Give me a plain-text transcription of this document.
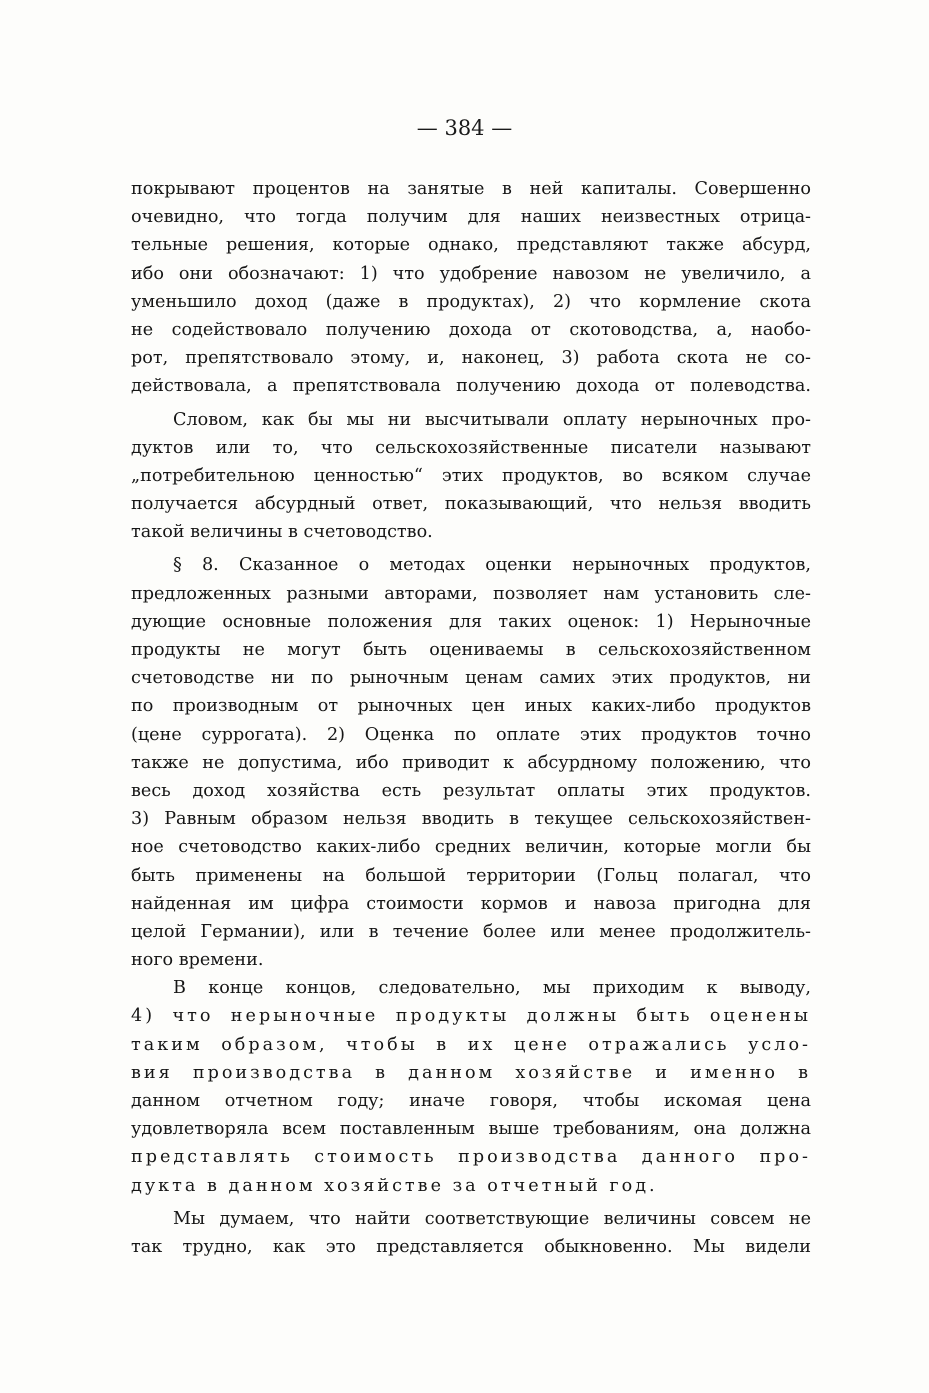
— 384 —
покрывают процентов на занятые в ней капиталы. Совершенно
очевидно, что тогда получим для наших неизвестных отрица-
тельные решения, которые однако, представляют также абсурд,
ибо они обозначают: 1) что удобрение навозом не увеличило, а
уменьшило доход (даже в продуктах), 2) что кормление скота
не содействовало получению дохода от скотоводства, а, наобо-
рот, препятствовало этому, и, наконец, 3) работа скота не со-
действовала, а препятствовала получению дохода от полеводства.
Словом, как бы мы ни высчитывали оплату нерыночных про-
дуктов или то, что сельскохозяйственные писатели называют
„потребительною ценностью“ этих продуктов, во всяком случае
получается абсурдный ответ, показывающий, что нельзя вводить
такой величины в счетоводство.
§ 8. Сказанное о методах оценки нерыночных продуктов,
предложенных разными авторами, позволяет нам установить сле-
дующие основные положения для таких оценок: 1) Нерыночные
продукты не могут быть оцениваемы в сельскохозяйственном
счетоводстве ни по рыночным ценам самих этих продуктов, ни
по производным от рыночных цен иных каких-либо продуктов
(цене суррогата). 2) Оценка по оплате этих продуктов точно
также не допустима, ибо приводит к абсурдному положению, что
весь доход хозяйства есть результат оплаты этих продуктов.
3) Равным образом нельзя вводить в текущее сельскохозяйствен-
ное счетоводство каких-либо средних величин, которые могли бы
быть применены на большой территории (Гольц полагал, что
найденная им цифра стоимости кормов и навоза пригодна для
целой Германии), или в течение более или менее продолжитель-
ного времени.
В конце концов, следовательно, мы приходим к выводу,
4) что нерыночные продукты должны быть оценены
таким образом, чтобы в их цене отражались усло-
вия производства в данном хозяйстве и именно в
данном отчетном году; иначе говоря, чтобы искомая цена
удовлетворяла всем поставленным выше требованиям, она должна
представлять стоимость производства данного про-
дукта в данном хозяйстве за отчетный год.
Мы думаем, что найти соответствующие величины совсем не
так трудно, как это представляется обыкновенно. Мы видели
